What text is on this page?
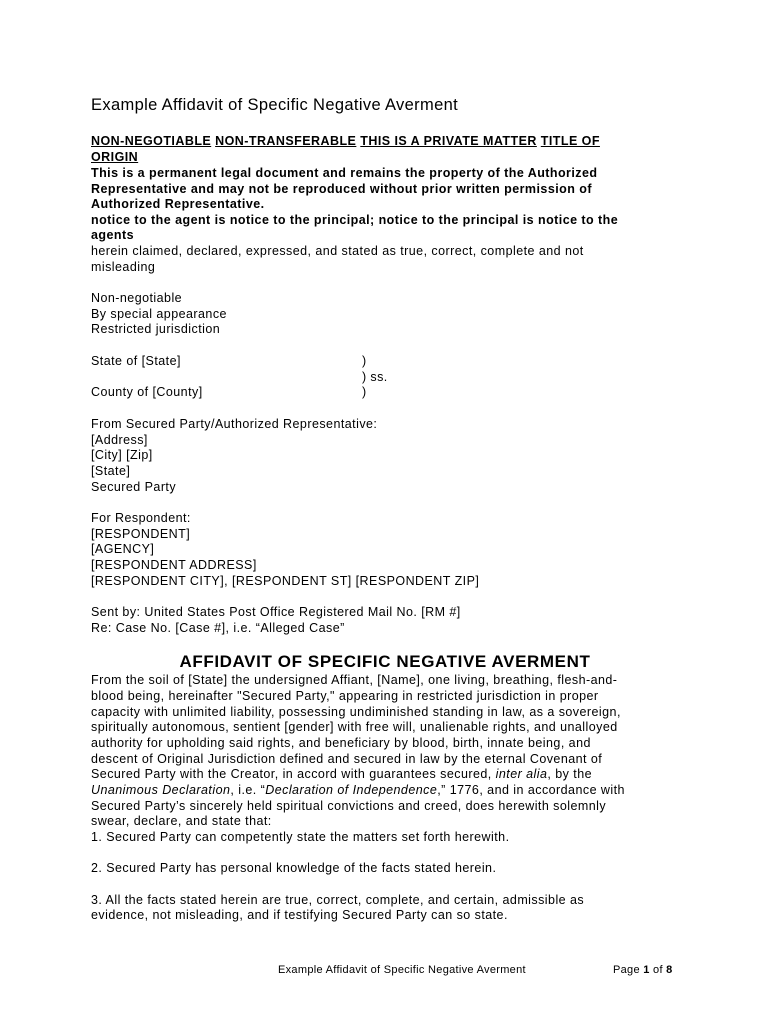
Example Affidavit of Specific Negative Averment
NON-NEGOTIABLE NON-TRANSFERABLE THIS IS A PRIVATE MATTER TITLE OF
ORIGIN
This is a permanent legal document and remains the property of the Authorized
Representative and may not be reproduced without prior written permission of
Authorized Representative.
notice to the agent is notice to the principal; notice to the principal is notice to the
agents
herein claimed, declared, expressed, and stated as true, correct, complete and not
misleading
Non-negotiable
By special appearance
Restricted jurisdiction
State of [State]
County of [County]
)
) ss.
)
From Secured Party/Authorized Representative:
[Address]
[City] [Zip]
[State]
Secured Party
For Respondent:
[RESPONDENT]
[AGENCY]
[RESPONDENT ADDRESS]
[RESPONDENT CITY], [RESPONDENT ST] [RESPONDENT ZIP]
Sent by: United States Post Office Registered Mail No. [RM #]
Re: Case No. [Case #], i.e. “Alleged Case”
AFFIDAVIT OF SPECIFIC NEGATIVE AVERMENT
From the soil of [State] the undersigned Affiant, [Name], one living, breathing, flesh-and-
blood being, hereinafter "Secured Party," appearing in restricted jurisdiction in proper
capacity with unlimited liability, possessing undiminished standing in law, as a sovereign,
spiritually autonomous, sentient [gender] with free will, unalienable rights, and unalloyed
authority for upholding said rights, and beneficiary by blood, birth, innate being, and
descent of Original Jurisdiction defined and secured in law by the eternal Covenant of
Secured Party with the Creator, in accord with guarantees secured, inter alia, by the
Unanimous Declaration, i.e. “Declaration of Independence,” 1776, and in accordance with
Secured Party’s sincerely held spiritual convictions and creed, does herewith solemnly
swear, declare, and state that:
1. Secured Party can competently state the matters set forth herewith.
2. Secured Party has personal knowledge of the facts stated herein.
3. All the facts stated herein are true, correct, complete, and certain, admissible as
evidence, not misleading, and if testifying Secured Party can so state.
Example Affidavit of Specific Negative Averment	Page 1 of 8
